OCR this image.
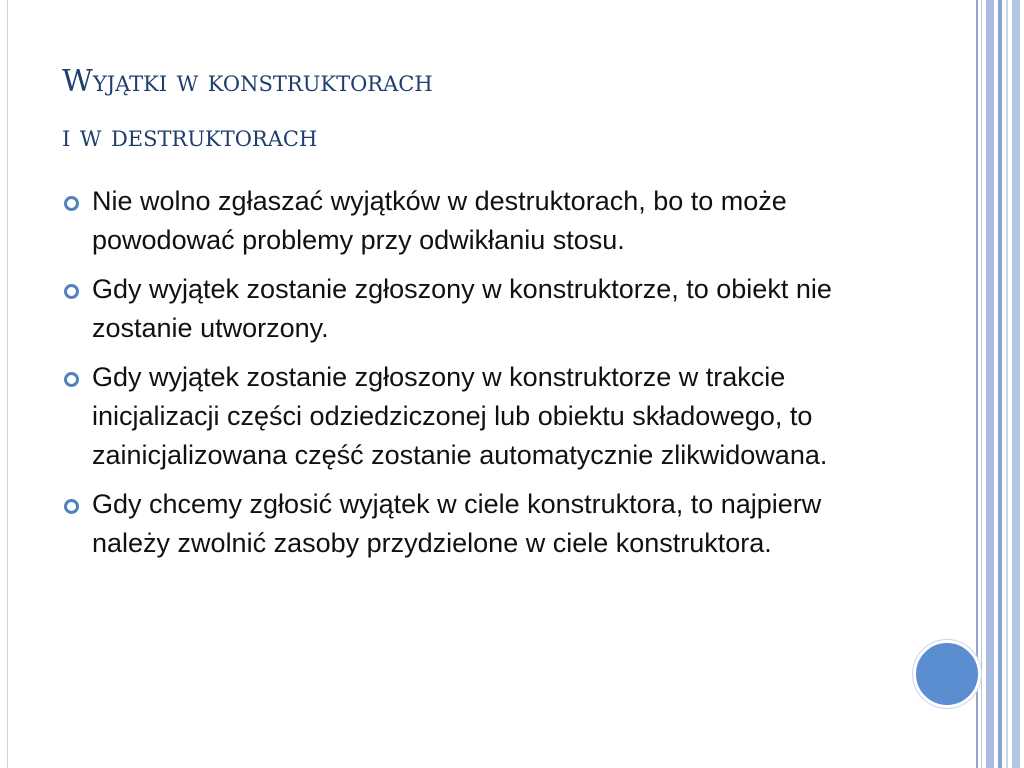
Wyjątki w konstruktorach
i w destruktorach
Nie wolno zgłaszać wyjątków w destruktorach, bo to może powodować problemy przy odwikłaniu stosu.
Gdy wyjątek zostanie zgłoszony w konstruktorze, to obiekt nie zostanie utworzony.
Gdy wyjątek zostanie zgłoszony w konstruktorze w trakcie inicjalizacji części odziedziczonej lub obiektu składowego, to zainicjalizowana część zostanie automatycznie zlikwidowana.
Gdy chcemy zgłosić wyjątek w ciele konstruktora, to najpierw należy zwolnić zasoby przydzielone w ciele konstruktora.
